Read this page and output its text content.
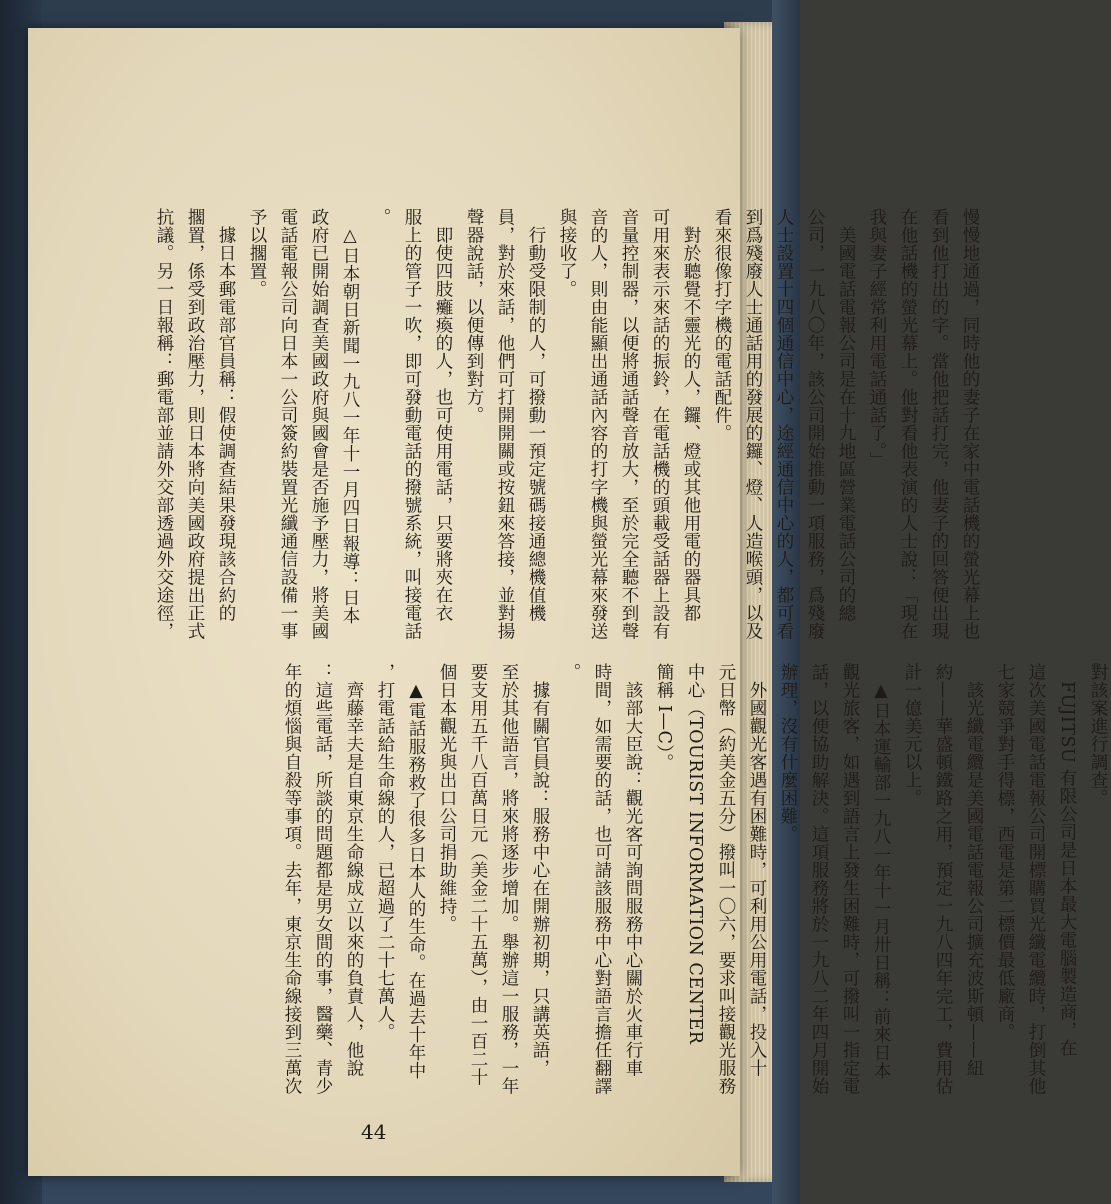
慢慢地通過，同時他的妻子在家中電話機的螢光幕上也

看到他打出的字。當他把話打完，他妻子的回答便出現

在他話機的螢光幕上。他對看他表演的人士說：「現在

我與妻子經常利用電話通話了。」

　美國電話電報公司是在十九地區營業電話公司的總

公司，一九八〇年，該公司開始推動一項服務，爲殘廢

人士設置十四個通信中心，途經通信中心的人，都可看

到爲殘廢人士通話用的發展的鑼、燈、人造喉頭，以及

看來很像打字機的電話配件。

　對於聽覺不靈光的人，鑼、燈或其他用電的器具都

可用來表示來話的振鈴，在電話機的頭載受話器上設有

音量控制器，以便將通話聲音放大，至於完全聽不到聲

音的人，則由能顯出通話內容的打字機與螢光幕來發送

與接收了。

　行動受限制的人，可撥動一預定號碼接通總機值機

員，對於來話，他們可打開開關或按鈕來答接，並對揚

聲器說話，以便傳到對方。

　即使四肢癱瘓的人，也可使用電話，只要將夾在衣

服上的管子一吹，即可發動電話的撥號系統，叫接電話

。

　△日本朝日新聞一九八一年十一月四日報導：日本

政府已開始調查美國政府與國會是否施予壓力，將美國

電話電報公司向日本一公司簽約裝置光纖通信設備一事

予以擱置。

　據日本郵電部官員稱：假使調查結果發現該合約的

擱置，係受到政治壓力，則日本將向美國政府提出正式

抗議。另一日報稱：郵電部並請外交部透過外交途徑，

對該案進行調查。

　FUJITSU 有限公司是日本最大電腦製造商，在

這次美國電話電報公司開標購買光纖電纜時，打倒其他

七家競爭對手得標，西電是第二標價最低廠商。

　該光纖電纜是美國電話電報公司擴充波斯頓——紐

約——華盛頓鐵路之用，預定一九八四年完工，費用估

計一億美元以上。

　▲日本運輸部一九八一年十一月卅日稱：前來日本

觀光旅客，如遇到語言上發生困難時，可撥叫一指定電

話，以便協助解決。這項服務將於一九八二年四月開始

辦理，沒有什麼困難。

　外國觀光客遇有困難時，可利用公用電話，投入十

元日幣（約美金五分）撥叫一〇六，要求叫接觀光服務

中心（TOURIST INFORMATION CENTER

簡稱 I—C）。

　該部大臣說：觀光客可詢問服務中心關於火車行車

時間，如需要的話，也可請該服務中心對語言擔任翻譯

。

　據有關官員說：服務中心在開辦初期，只講英語，

至於其他語言，將來將逐步增加。舉辦這一服務，一年

要支用五千八百萬日元（美金二十五萬），由一百二十

個日本觀光與出口公司捐助維持。

　▲電話服務救了很多日本人的生命。在過去十年中

，打電話給生命線的人，已超過了二十七萬人。

　齊藤幸夫是自東京生命線成立以來的負責人，他說

：這些電話，所談的問題都是男女間的事，醫藥、青少

年的煩惱與自殺等事項。去年，東京生命線接到三萬次

44
